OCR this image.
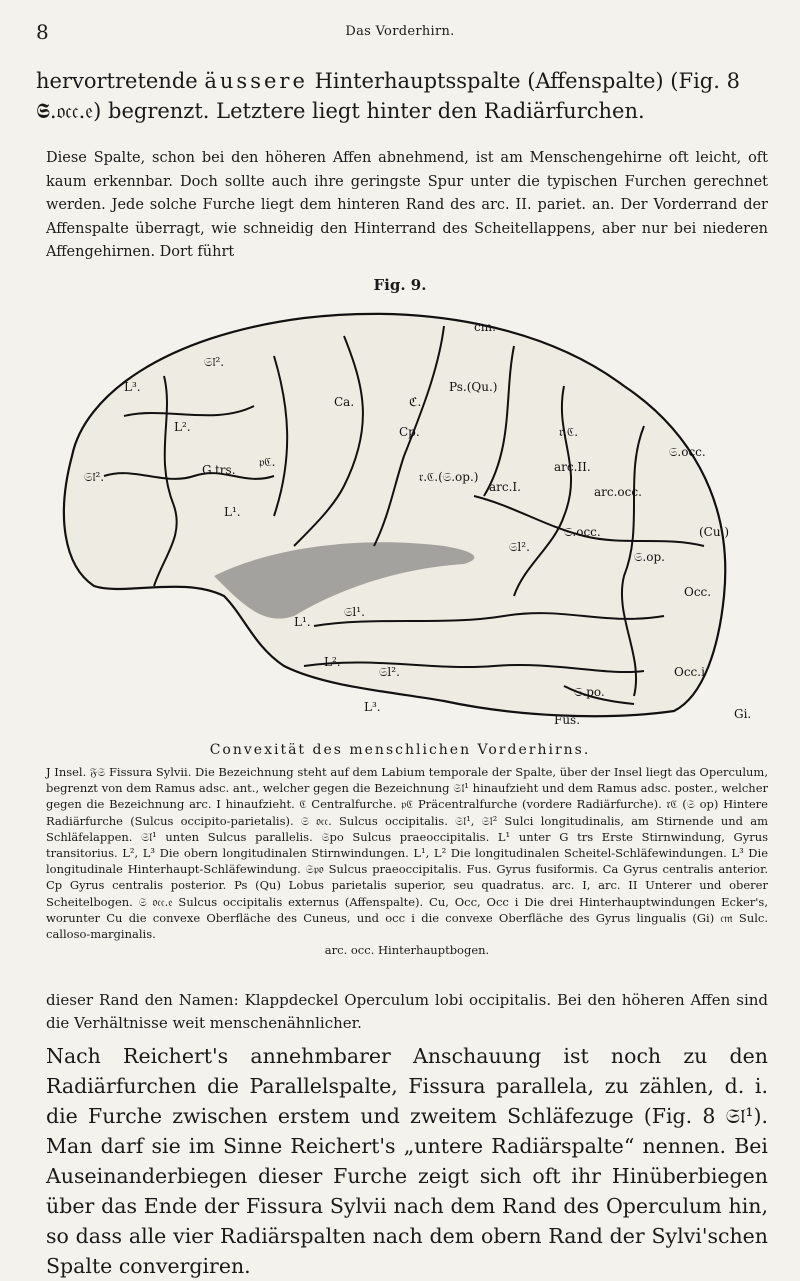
8	Das Vorderhirn.
hervortretende äussere Hinterhauptsspalte (Affenspalte) (Fig. 8
𝕾.𝔬𝔠𝔠.𝔢) begrenzt. Letztere liegt hinter den Radiärfurchen.
Diese Spalte, schon bei den höheren Affen abnehmend, ist am Menschengehirne oft leicht, oft kaum erkennbar. Doch sollte auch ihre geringste Spur unter die typischen Furchen gerechnet werden. Jede solche Furche liegt dem hinteren Rand des arc. II. pariet. an. Der Vorderrand der Affenspalte überragt, wie schneidig den Hinterrand des Scheitellappens, aber nur bei niederen Affengehirnen. Dort führt
Fig. 9.
𝔖𝔩².
L³.
L².
𝔖𝔩².
L¹.
G.trs.
𝔭ℭ.
Ca.	ℭ.
Cp.
Ps.(Qu.)
cm.
𝔯.ℭ.(𝔖.op.)
arc.I.
𝔯.ℭ.
arc.II.
𝔖.occ.
arc.occ.
𝔖.occ.
𝔖l².
𝔖.op.
(Cu.)
Occ.
Occ.i
𝔖.po.
Fus.	Gi.
𝔖l¹.
L¹.
L².
𝔖l².
L³.
Convexität des menschlichen Vorderhirns.
J Insel. 𝔉𝔖 Fissura Sylvii. Die Bezeichnung steht auf dem Labium temporale der Spalte, über der Insel liegt das Operculum, begrenzt von dem Ramus adsc. ant., welcher gegen die Bezeichnung 𝔖𝔩¹ hinaufzieht und dem Ramus adsc. poster., welcher gegen die Bezeichnung arc. I hinaufzieht. ℭ Centralfurche. 𝔭ℭ Präcentralfurche (vordere Radiärfurche). 𝔯ℭ (𝔖 op) Hintere Radiärfurche (Sulcus occipito-parietalis). 𝔖 𝔬𝔠𝔠. Sulcus occipitalis. 𝔖𝔩¹, 𝔖𝔩² Sulci longitudinalis, am Stirnende und am Schläfelappen. 𝔖𝔩¹ unten Sulcus parallelis. 𝔖po Sulcus praeoccipitalis. L¹ unter G trs Erste Stirnwindung, Gyrus transitorius. L², L³ Die obern longitudinalen Stirnwindungen. L¹, L² Die longitudinalen Scheitel-Schläfewindungen. L³ Die longitudinale Hinterhaupt-Schläfewindung. 𝔖𝔭𝔬 Sulcus praeoccipitalis. Fus. Gyrus fusiformis. Ca Gyrus centralis anterior. Cp Gyrus centralis posterior. Ps (Qu) Lobus parietalis superior, seu quadratus. arc. I, arc. II Unterer und oberer Scheitelbogen. 𝔖 𝔬𝔠𝔠.𝔢 Sulcus occipitalis externus (Affenspalte). Cu, Occ, Occ i Die drei Hinterhauptwindungen Ecker's, worunter Cu die convexe Oberfläche des Cuneus, und occ i die convexe Oberfläche des Gyrus lingualis (Gi) 𝔠𝔪 Sulc. calloso-marginalis.
arc. occ. Hinterhauptbogen.
dieser Rand den Namen: Klappdeckel Operculum lobi occipitalis. Bei den höheren Affen sind die Verhältnisse weit menschenähnlicher.
Nach Reichert's annehmbarer Anschauung ist noch zu den Radiärfurchen die Parallelspalte, Fissura parallela, zu zählen, d. i. die Furche zwischen erstem und zweitem Schläfezuge (Fig. 8 𝔖𝔩¹). Man darf sie im Sinne Reichert's „untere Radiärspalte“ nennen. Bei Auseinanderbiegen dieser Furche zeigt sich oft ihr Hinüberbiegen über das Ende der Fissura Sylvii nach dem Rand des Operculum hin, so dass alle vier Radiärspalten nach dem obern Rand der Sylvi'schen Spalte convergiren.
